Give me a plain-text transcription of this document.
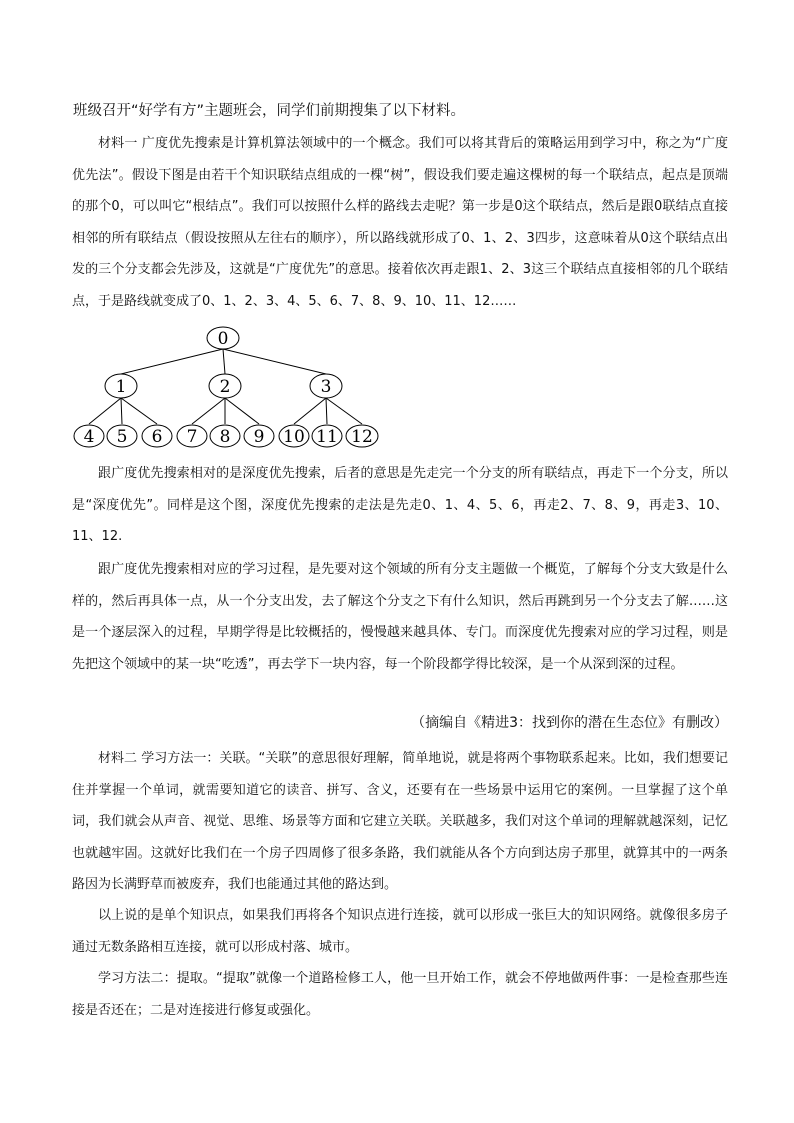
班级召开“好学有方”主题班会，同学们前期搜集了以下材料。

材料一 广度优先搜索是计算机算法领域中的一个概念。我们可以将其背后的策略运用到学习中，称之为“广度优先法”。假设下图是由若干个知识联结点组成的一棵“树”，假设我们要走遍这棵树的每一个联结点，起点是顶端的那个0，可以叫它“根结点”。我们可以按照什么样的路线去走呢？第一步是0这个联结点，然后是跟0联结点直接相邻的所有联结点（假设按照从左往右的顺序），所以路线就形成了0、1、2、3四步，这意味着从0这个联结点出发的三个分支都会先涉及，这就是“广度优先”的意思。接着依次再走跟1、2、3这三个联结点直接相邻的几个联结点，于是路线就变成了0、1、2、3、4、5、6、7、8、9、10、11、12……

0
1	2	3
4 5 6 7 8 9 10 11 12

跟广度优先搜索相对的是深度优先搜索，后者的意思是先走完一个分支的所有联结点，再走下一个分支，所以是“深度优先”。同样是这个图，深度优先搜索的走法是先走0、1、4、5、6，再走2、7、8、9，再走3、10、11、12.

跟广度优先搜索相对应的学习过程，是先要对这个领域的所有分支主题做一个概览，了解每个分支大致是什么样的，然后再具体一点，从一个分支出发，去了解这个分支之下有什么知识，然后再跳到另一个分支去了解……这是一个逐层深入的过程，早期学得是比较概括的，慢慢越来越具体、专门。而深度优先搜索对应的学习过程，则是先把这个领域中的某一块“吃透”，再去学下一块内容，每一个阶段都学得比较深，是一个从深到深的过程。

（摘编自《精进3：找到你的潜在生态位》有删改）

材料二 学习方法一：关联。“关联”的意思很好理解，简单地说，就是将两个事物联系起来。比如，我们想要记住并掌握一个单词，就需要知道它的读音、拼写、含义，还要有在一些场景中运用它的案例。一旦掌握了这个单词，我们就会从声音、视觉、思维、场景等方面和它建立关联。关联越多，我们对这个单词的理解就越深刻，记忆也就越牢固。这就好比我们在一个房子四周修了很多条路，我们就能从各个方向到达房子那里，就算其中的一两条路因为长满野草而被废弃，我们也能通过其他的路达到。

以上说的是单个知识点，如果我们再将各个知识点进行连接，就可以形成一张巨大的知识网络。就像很多房子通过无数条路相互连接，就可以形成村落、城市。

学习方法二：提取。“提取”就像一个道路检修工人，他一旦开始工作，就会不停地做两件事：一是检查那些连接是否还在；二是对连接进行修复或强化。
